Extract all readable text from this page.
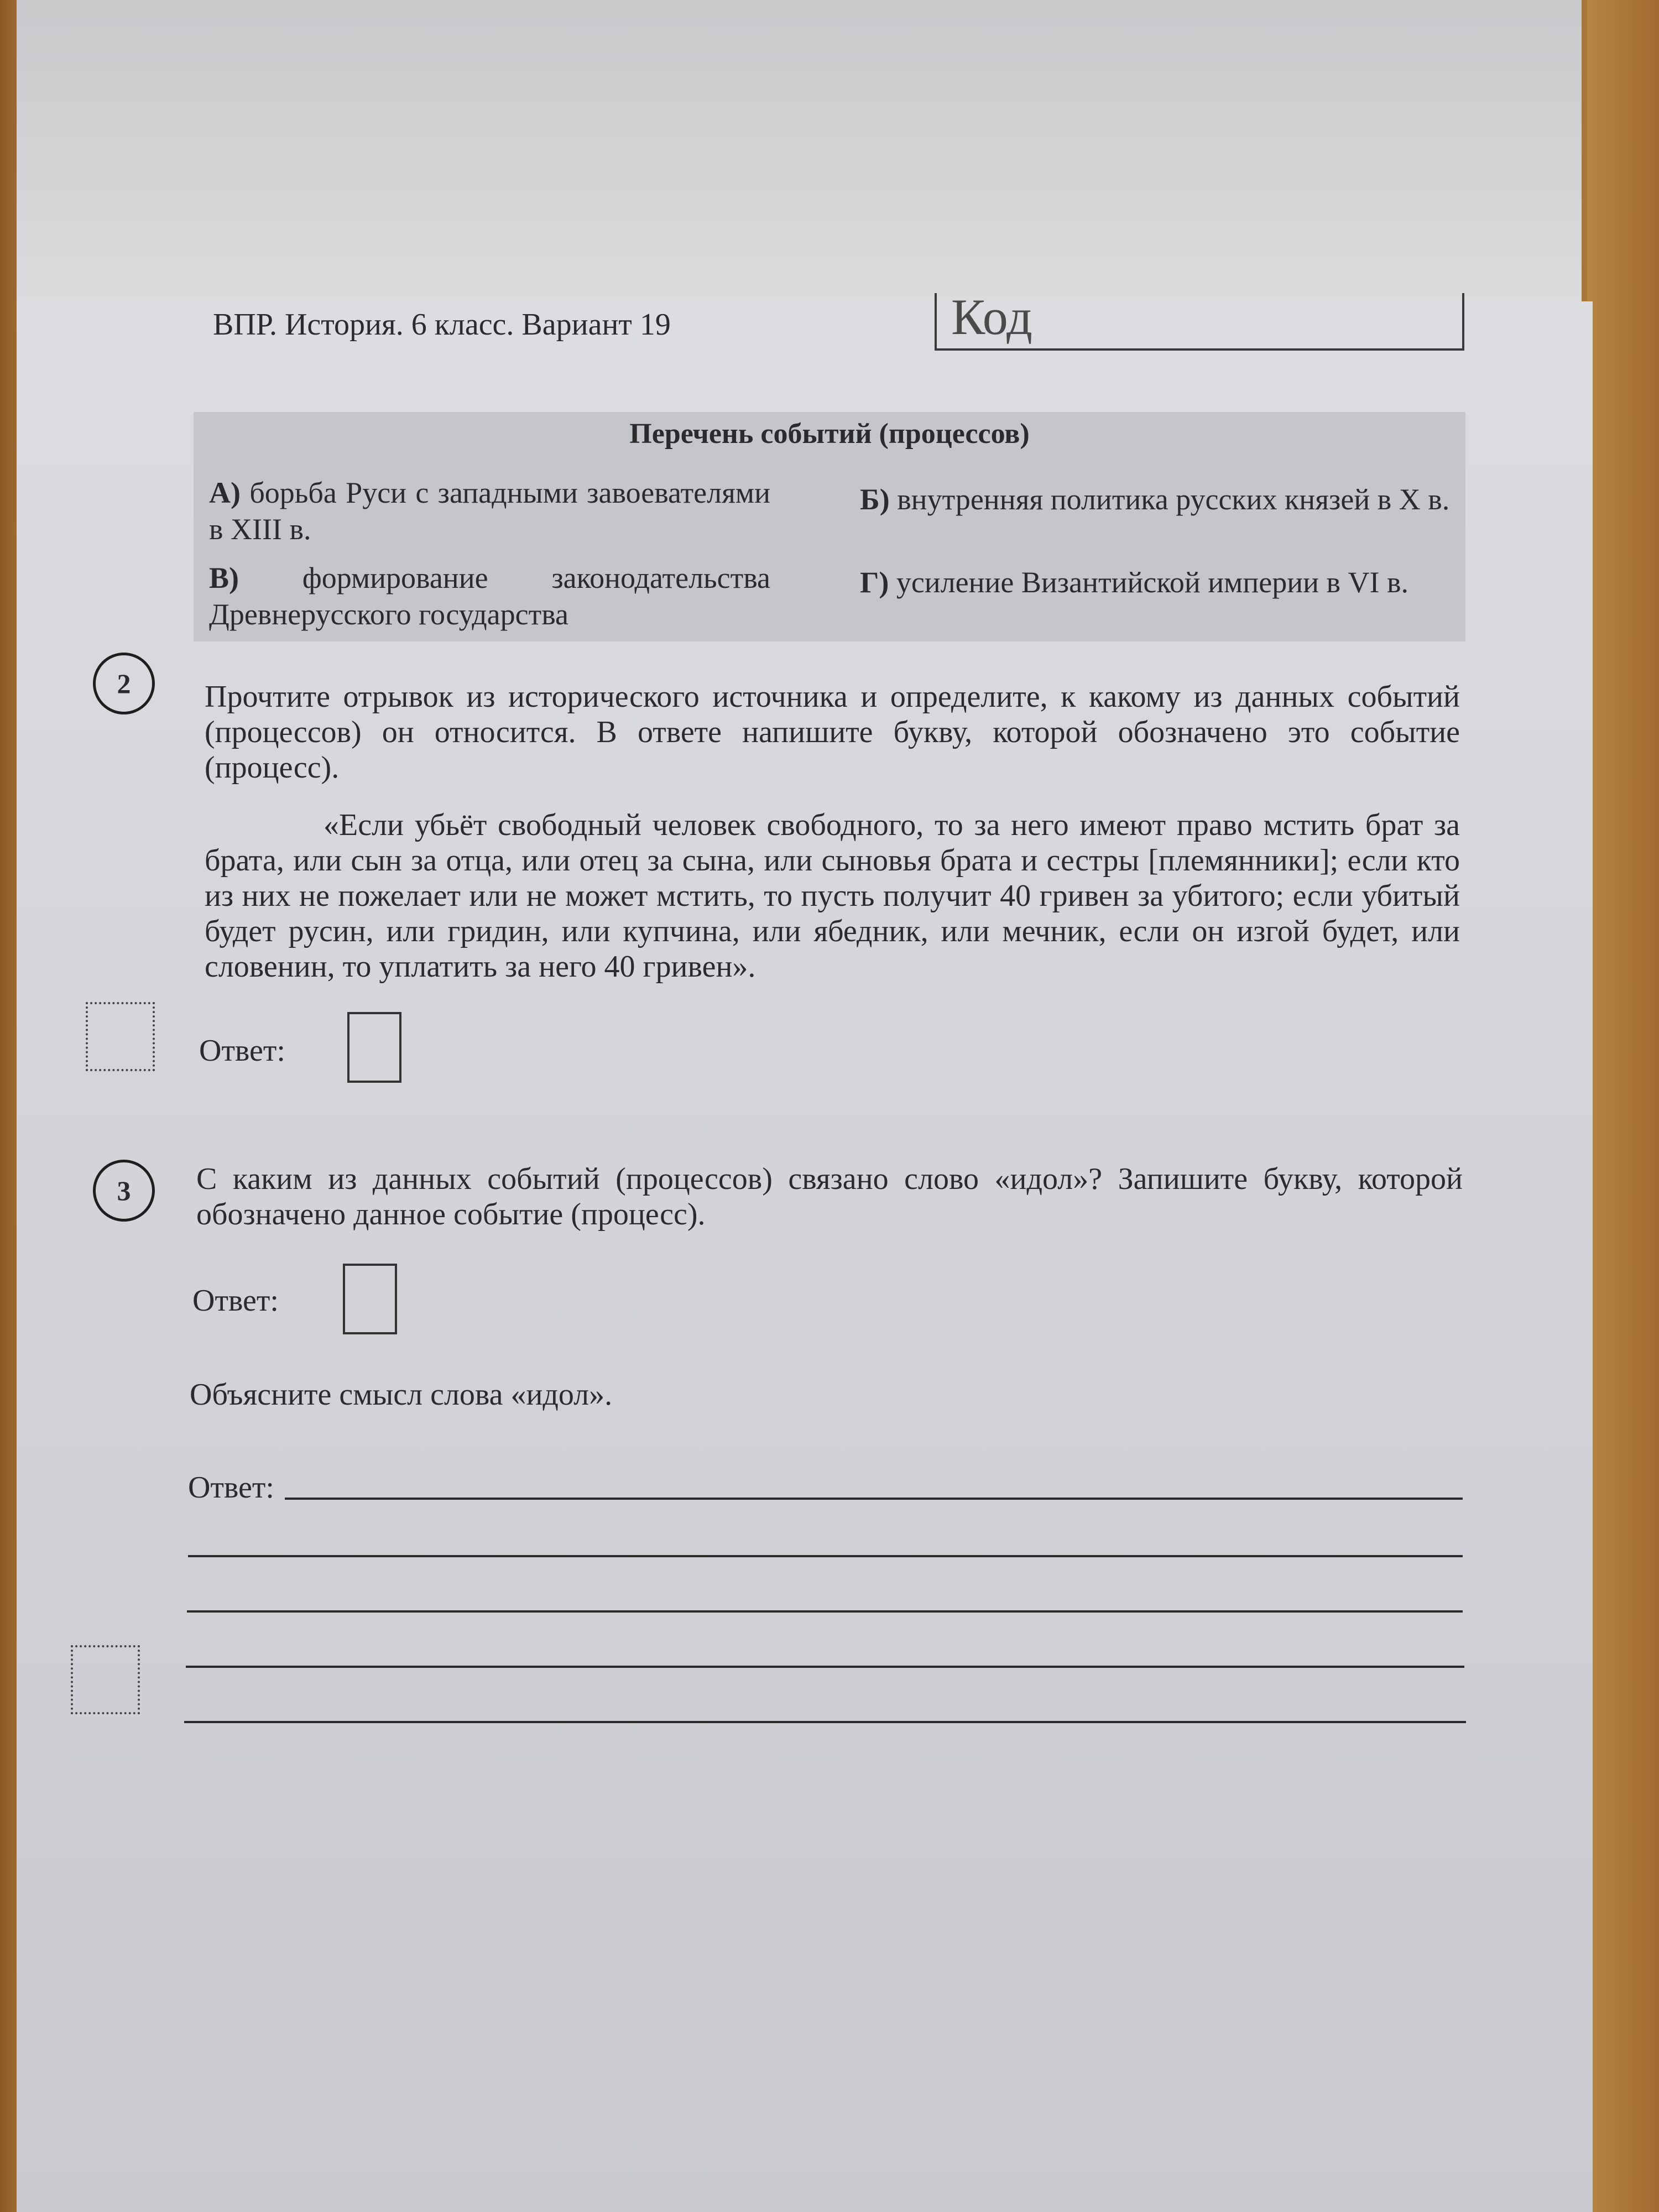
ВПР. История. 6 класс. Вариант 19	Код
Перечень событий (процессов)
А) борьба Руси с западными завоевателями в XIII в.
Б) внутренняя политика русских князей в X в.
В) формирование законодательства Древнерусского государства
Г) усиление Византийской империи в VI в.
2	Прочтите отрывок из исторического источника и определите, к какому из данных событий (процессов) он относится. В ответе напишите букву, которой обозначено это событие (процесс).
«Если убьёт свободный человек свободного, то за него имеют право мстить брат за брата, или сын за отца, или отец за сына, или сыновья брата и сестры [племянники]; если кто из них не пожелает или не может мстить, то пусть получит 40 гривен за убитого; если убитый будет русин, или гридин, или купчина, или ябедник, или мечник, если он изгой будет, или словенин, то уплатить за него 40 гривен».
Ответ:
3	С каким из данных событий (процессов) связано слово «идол»? Запишите букву, которой обозначено данное событие (процесс).
Ответ:
Объясните смысл слова «идол».
Ответ:
